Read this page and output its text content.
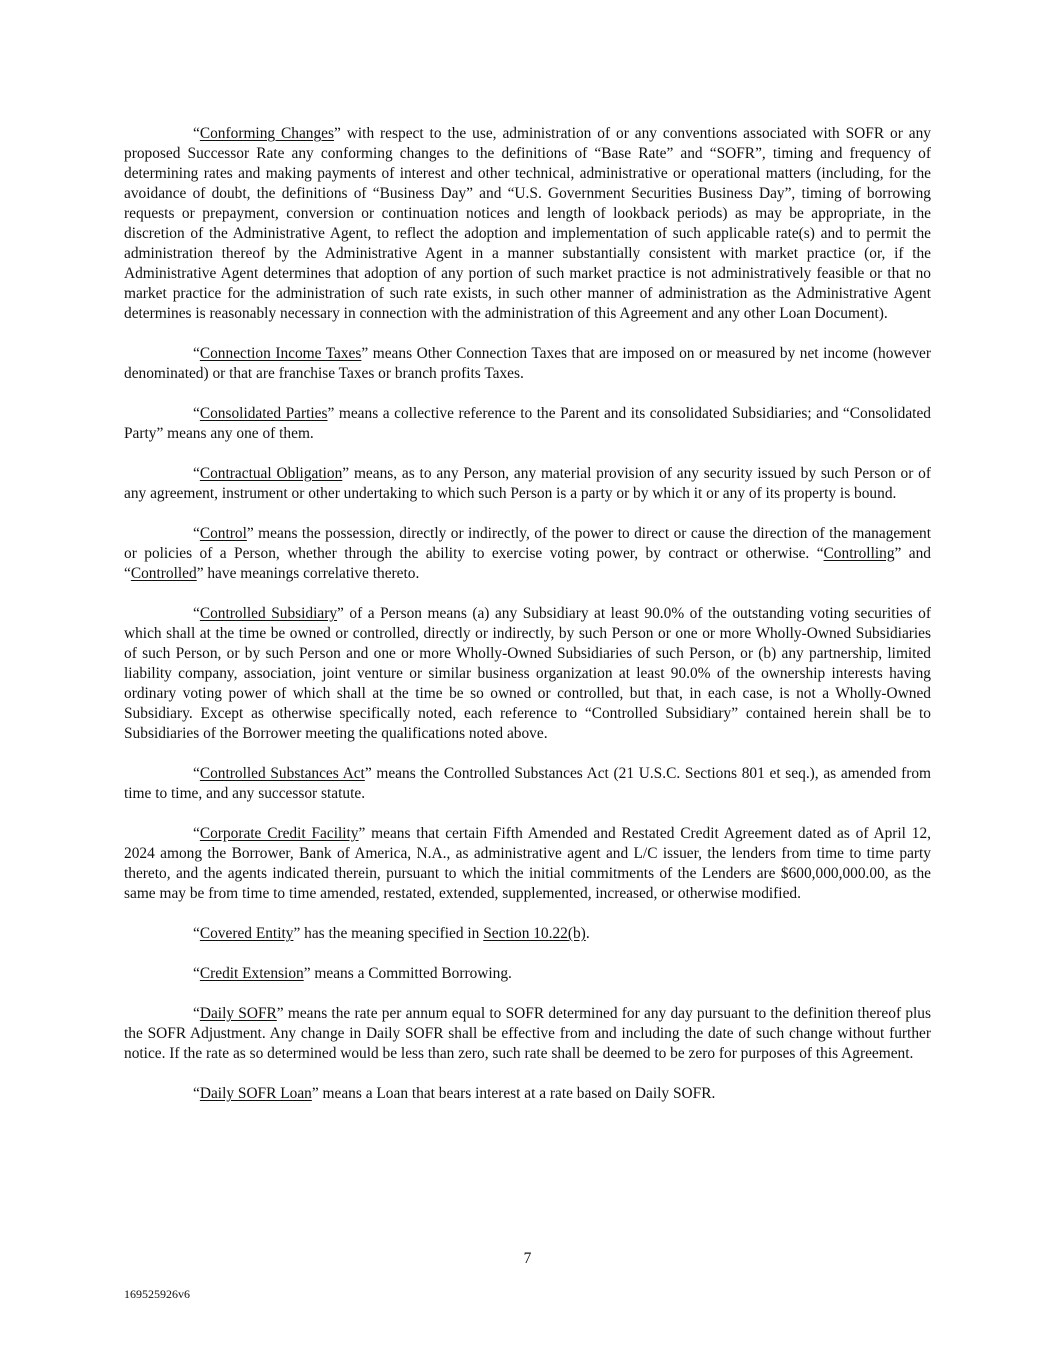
“Conforming Changes” with respect to the use, administration of or any conventions associated with SOFR or any proposed Successor Rate any conforming changes to the definitions of “Base Rate” and “SOFR”, timing and frequency of determining rates and making payments of interest and other technical, administrative or operational matters (including, for the avoidance of doubt, the definitions of “Business Day” and “U.S. Government Securities Business Day”, timing of borrowing requests or prepayment, conversion or continuation notices and length of lookback periods) as may be appropriate, in the discretion of the Administrative Agent, to reflect the adoption and implementation of such applicable rate(s) and to permit the administration thereof by the Administrative Agent in a manner substantially consistent with market practice (or, if the Administrative Agent determines that adoption of any portion of such market practice is not administratively feasible or that no market practice for the administration of such rate exists, in such other manner of administration as the Administrative Agent determines is reasonably necessary in connection with the administration of this Agreement and any other Loan Document).

“Connection Income Taxes” means Other Connection Taxes that are imposed on or measured by net income (however denominated) or that are franchise Taxes or branch profits Taxes.

“Consolidated Parties” means a collective reference to the Parent and its consolidated Subsidiaries; and “Consolidated Party” means any one of them.

“Contractual Obligation” means, as to any Person, any material provision of any security issued by such Person or of any agreement, instrument or other undertaking to which such Person is a party or by which it or any of its property is bound.

“Control” means the possession, directly or indirectly, of the power to direct or cause the direction of the management or policies of a Person, whether through the ability to exercise voting power, by contract or otherwise. “Controlling” and “Controlled” have meanings correlative thereto.

“Controlled Subsidiary” of a Person means (a) any Subsidiary at least 90.0% of the outstanding voting securities of which shall at the time be owned or controlled, directly or indirectly, by such Person or one or more Wholly-Owned Subsidiaries of such Person, or by such Person and one or more Wholly-Owned Subsidiaries of such Person, or (b) any partnership, limited liability company, association, joint venture or similar business organization at least 90.0% of the ownership interests having ordinary voting power of which shall at the time be so owned or controlled, but that, in each case, is not a Wholly-Owned Subsidiary. Except as otherwise specifically noted, each reference to “Controlled Subsidiary” contained herein shall be to Subsidiaries of the Borrower meeting the qualifications noted above.

“Controlled Substances Act” means the Controlled Substances Act (21 U.S.C. Sections 801 et seq.), as amended from time to time, and any successor statute.

“Corporate Credit Facility” means that certain Fifth Amended and Restated Credit Agreement dated as of April 12, 2024 among the Borrower, Bank of America, N.A., as administrative agent and L/C issuer, the lenders from time to time party thereto, and the agents indicated therein, pursuant to which the initial commitments of the Lenders are $600,000,000.00, as the same may be from time to time amended, restated, extended, supplemented, increased, or otherwise modified.

“Covered Entity” has the meaning specified in Section 10.22(b).

“Credit Extension” means a Committed Borrowing.

“Daily SOFR” means the rate per annum equal to SOFR determined for any day pursuant to the definition thereof plus the SOFR Adjustment. Any change in Daily SOFR shall be effective from and including the date of such change without further notice. If the rate as so determined would be less than zero, such rate shall be deemed to be zero for purposes of this Agreement.

“Daily SOFR Loan” means a Loan that bears interest at a rate based on Daily SOFR.

7
169525926v6
